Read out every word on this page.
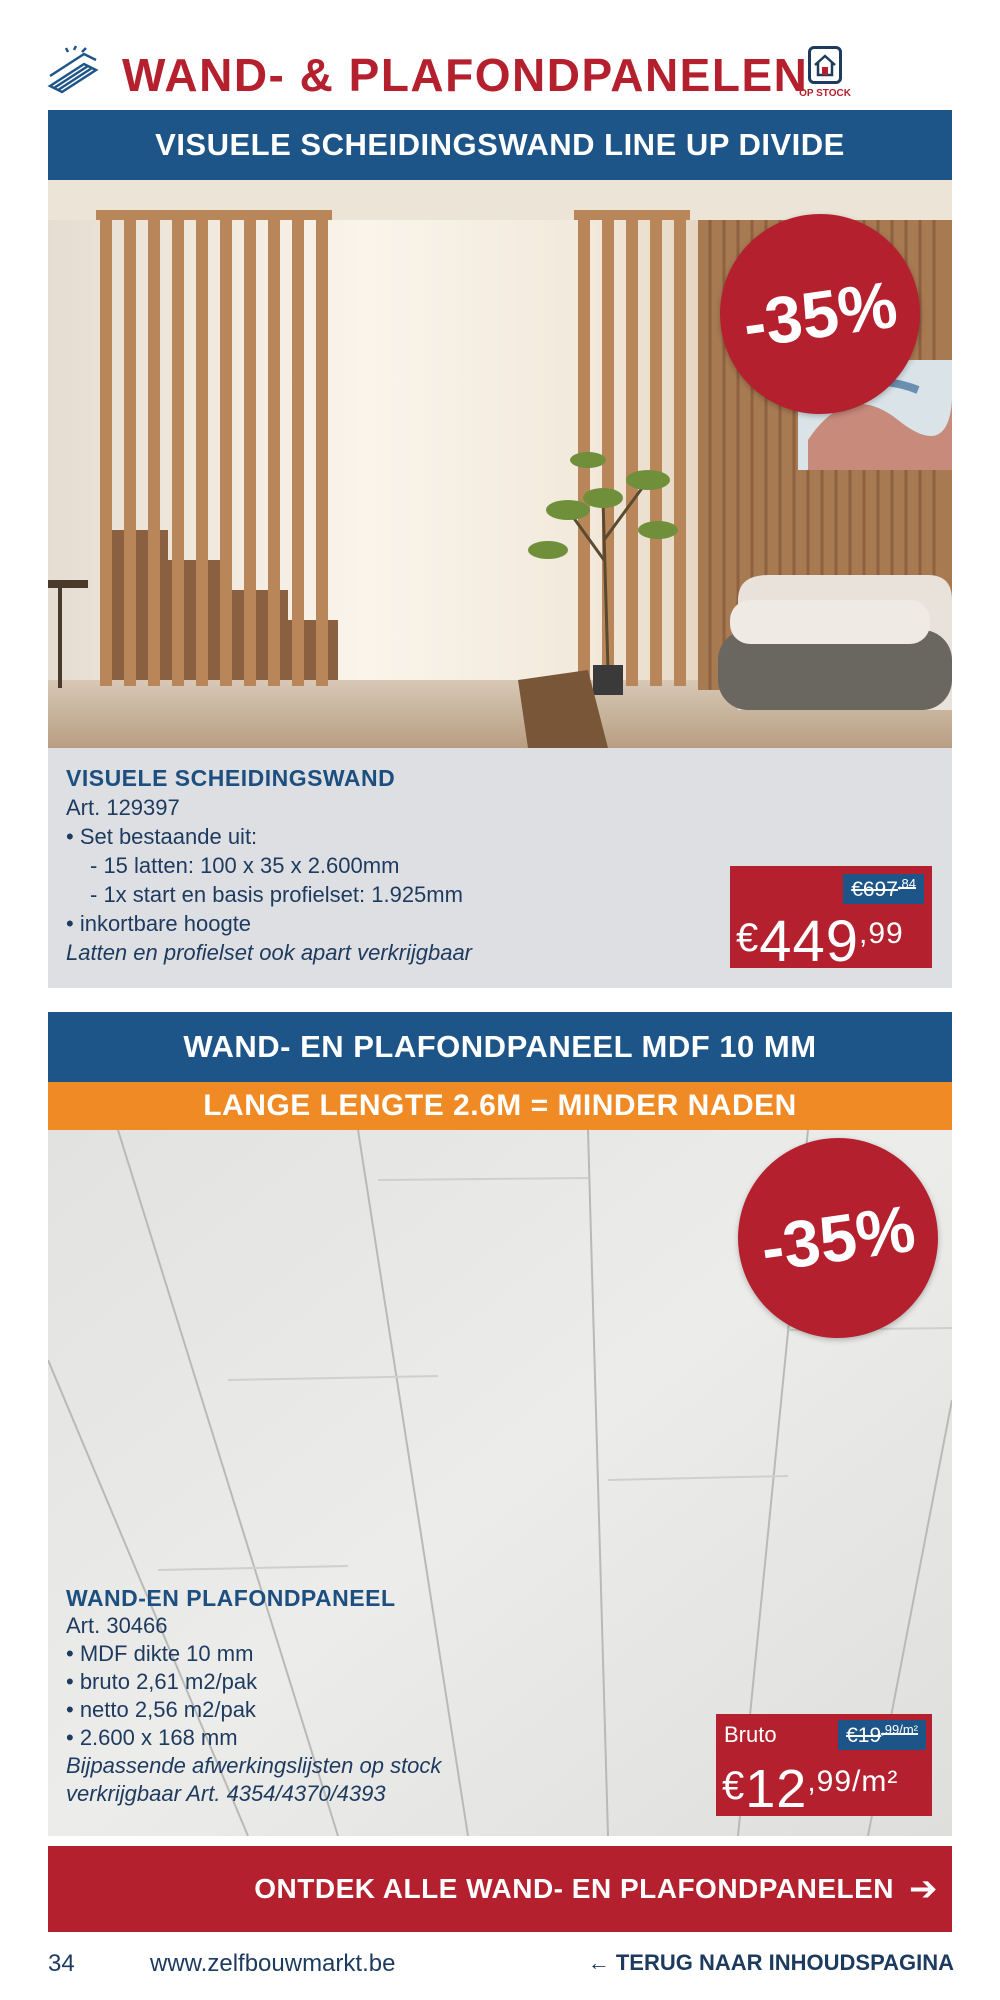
WAND- & PLAFONDPANELEN
OP STOCK
VISUELE SCHEIDINGSWAND LINE UP DIVIDE
-35%
VISUELE SCHEIDINGSWAND
Art. 129397
• Set bestaande uit:
- 15 latten: 100 x 35 x 2.600mm
- 1x start en basis profielset: 1.925mm
• inkortbare hoogte
Latten en profielset ook apart verkrijgbaar
$€697^{,84}$
$€449^{,99}$
WAND- EN PLAFONDPANEEL MDF 10 MM
LANGE LENGTE 2.6M = MINDER NADEN
-35%
WAND-EN PLAFONDPANEEL
Art. 30466
• MDF dikte 10 mm
• bruto 2,61 m2/pak
• netto 2,56 m2/pak
• 2.600 x 168 mm
Bijpassende afwerkingslijsten op stock
verkrijgbaar Art. 4354/4370/4393
Bruto	$€19^{,99/m^2}$
$€12^{,99/m^2}$
ONTDEK ALLE WAND- EN PLAFONDPANELEN ➔
34	www.zelfbouwmarkt.be	← TERUG NAAR INHOUDSPAGINA
